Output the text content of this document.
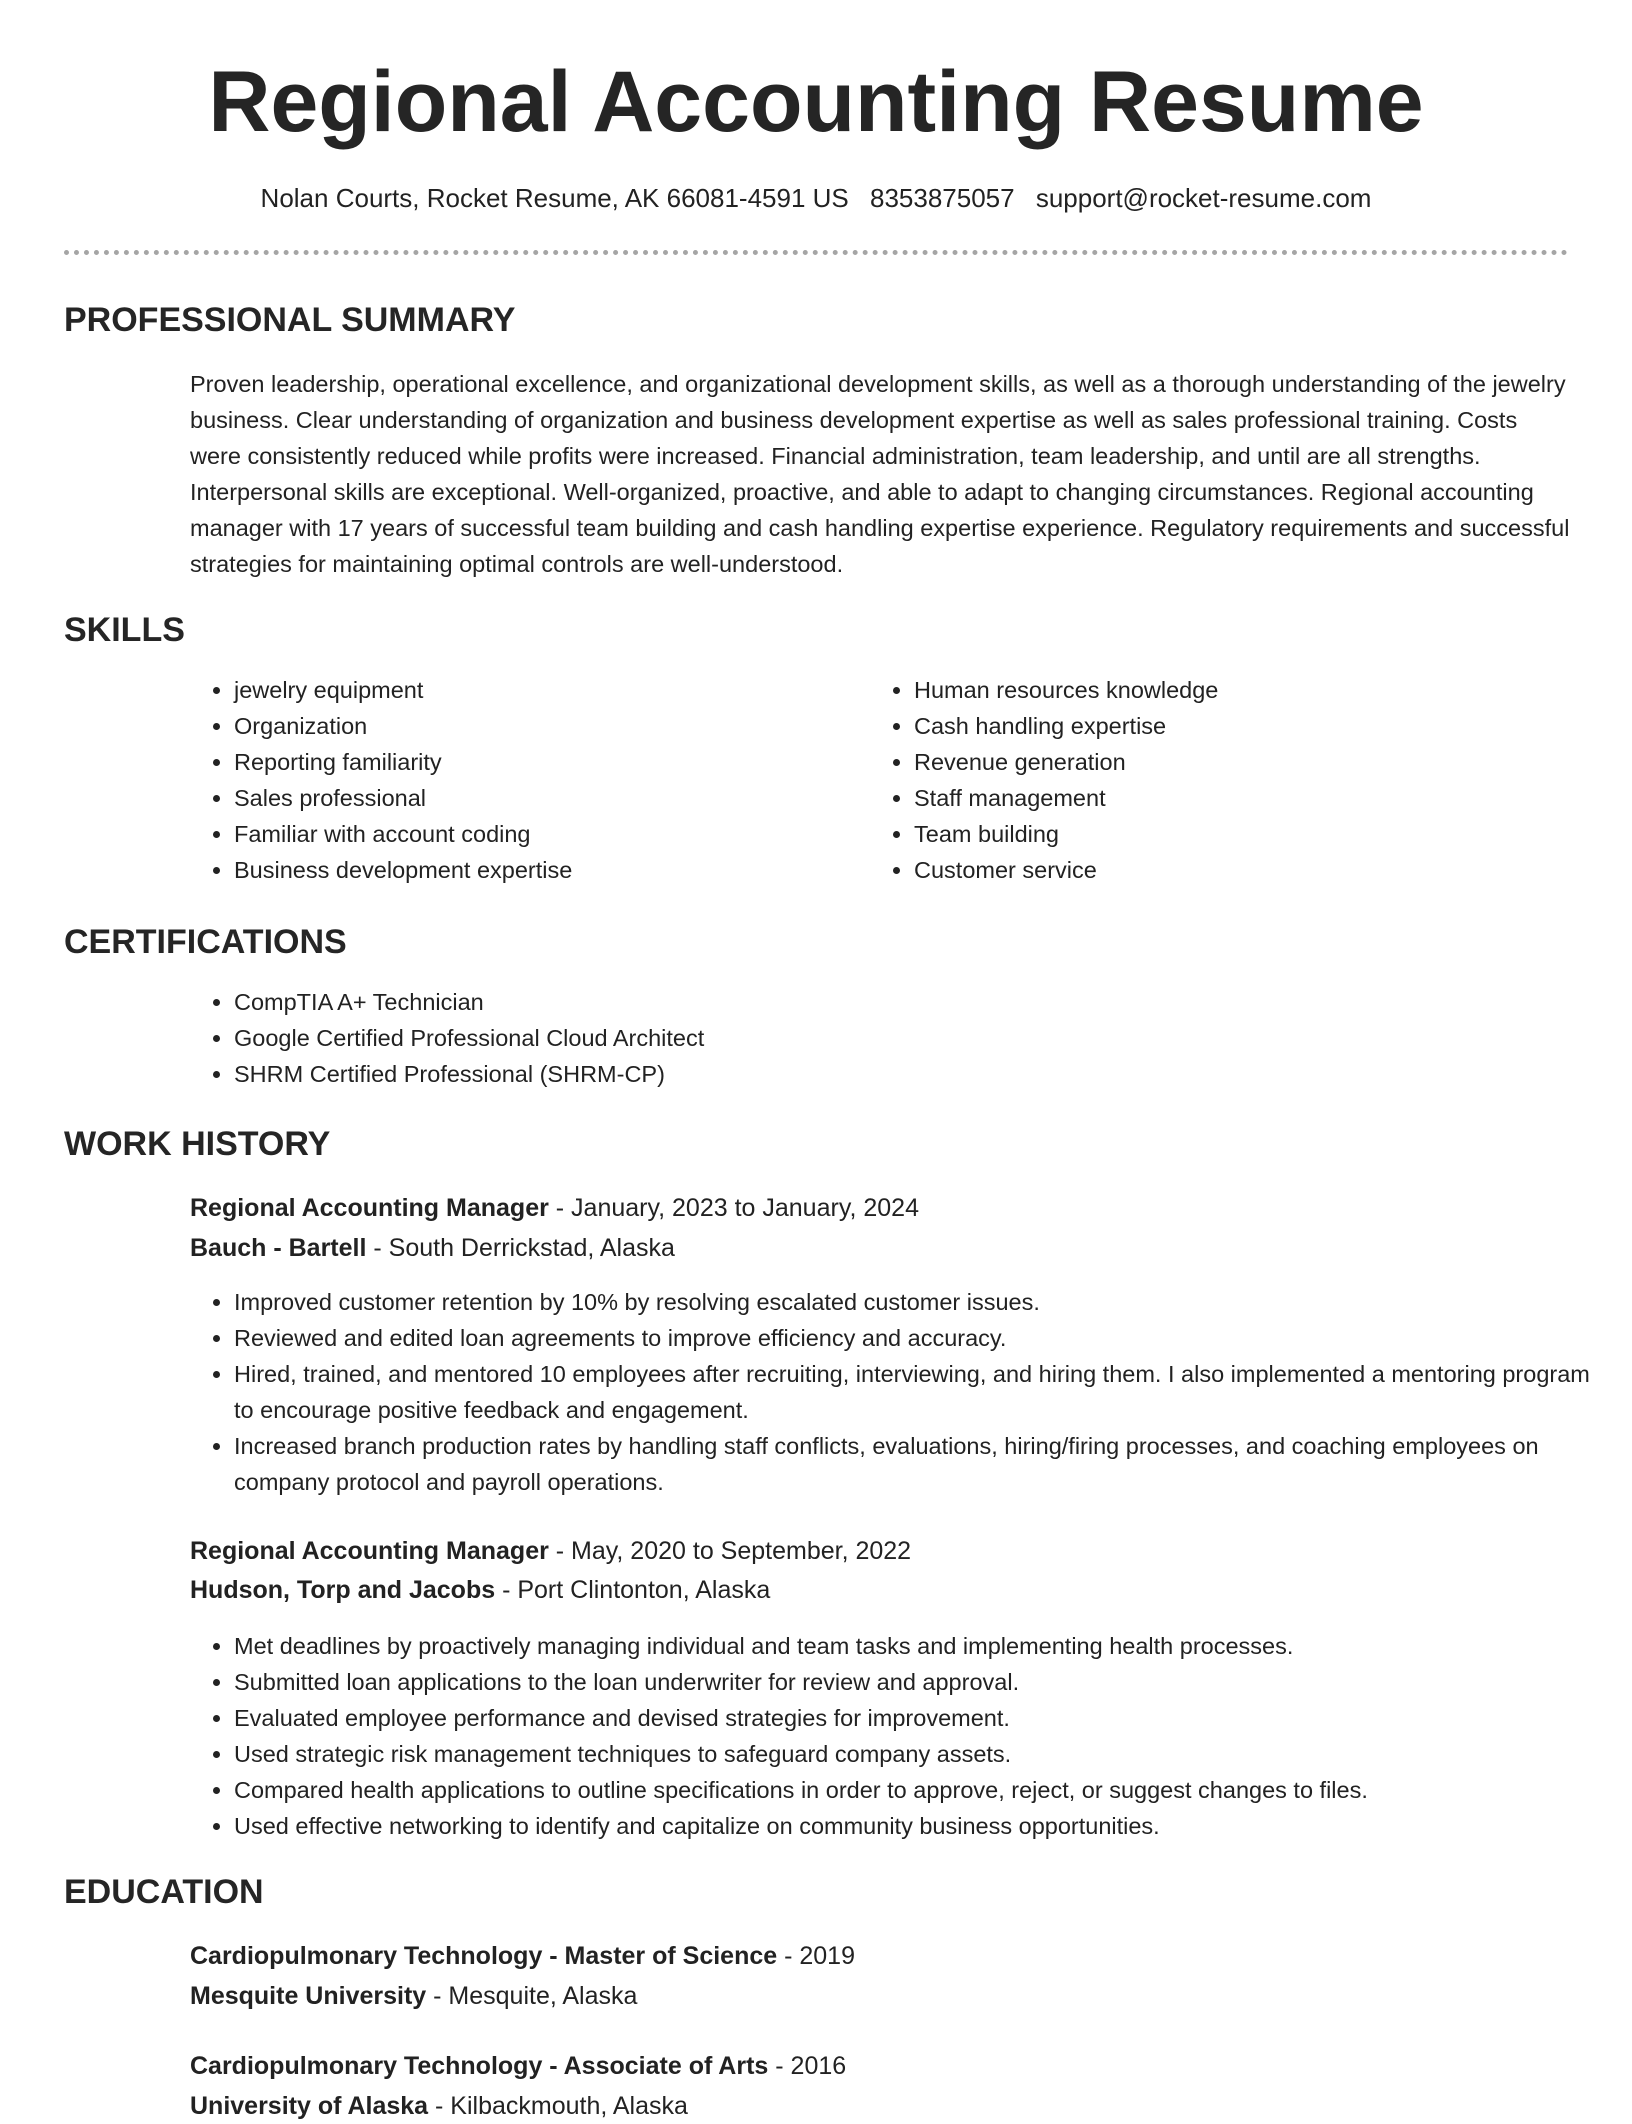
Regional Accounting Resume
Nolan Courts, Rocket Resume, AK 66081-4591 US 8353875057 support@rocket-resume.com
PROFESSIONAL SUMMARY

Proven leadership, operational excellence, and organizational development skills, as well as a thorough understanding of the jewelry business. Clear understanding of organization and business development expertise as well as sales professional training. Costs were consistently reduced while profits were increased. Financial administration, team leadership, and until are all strengths. Interpersonal skills are exceptional. Well-organized, proactive, and able to adapt to changing circumstances. Regional accounting manager with 17 years of successful team building and cash handling expertise experience. Regulatory requirements and successful strategies for maintaining optimal controls are well-understood.

SKILLS
• jewelry equipment
• Organization
• Reporting familiarity
• Sales professional
• Familiar with account coding
• Business development expertise
• Human resources knowledge
• Cash handling expertise
• Revenue generation
• Staff management
• Team building
• Customer service
CERTIFICATIONS
• CompTIA A+ Technician
• Google Certified Professional Cloud Architect
• SHRM Certified Professional (SHRM-CP)
WORK HISTORY
Regional Accounting Manager - January, 2023 to January, 2024
Bauch - Bartell - South Derrickstad, Alaska
• Improved customer retention by 10% by resolving escalated customer issues.
• Reviewed and edited loan agreements to improve efficiency and accuracy.
• Hired, trained, and mentored 10 employees after recruiting, interviewing, and hiring them. I also implemented a mentoring program to encourage positive feedback and engagement.
• Increased branch production rates by handling staff conflicts, evaluations, hiring/firing processes, and coaching employees on company protocol and payroll operations.
Regional Accounting Manager - May, 2020 to September, 2022
Hudson, Torp and Jacobs - Port Clintonton, Alaska
• Met deadlines by proactively managing individual and team tasks and implementing health processes.
• Submitted loan applications to the loan underwriter for review and approval.
• Evaluated employee performance and devised strategies for improvement.
• Used strategic risk management techniques to safeguard company assets.
• Compared health applications to outline specifications in order to approve, reject, or suggest changes to files.
• Used effective networking to identify and capitalize on community business opportunities.
EDUCATION
Cardiopulmonary Technology - Master of Science - 2019
Mesquite University - Mesquite, Alaska
Cardiopulmonary Technology - Associate of Arts - 2016
University of Alaska - Kilbackmouth, Alaska
